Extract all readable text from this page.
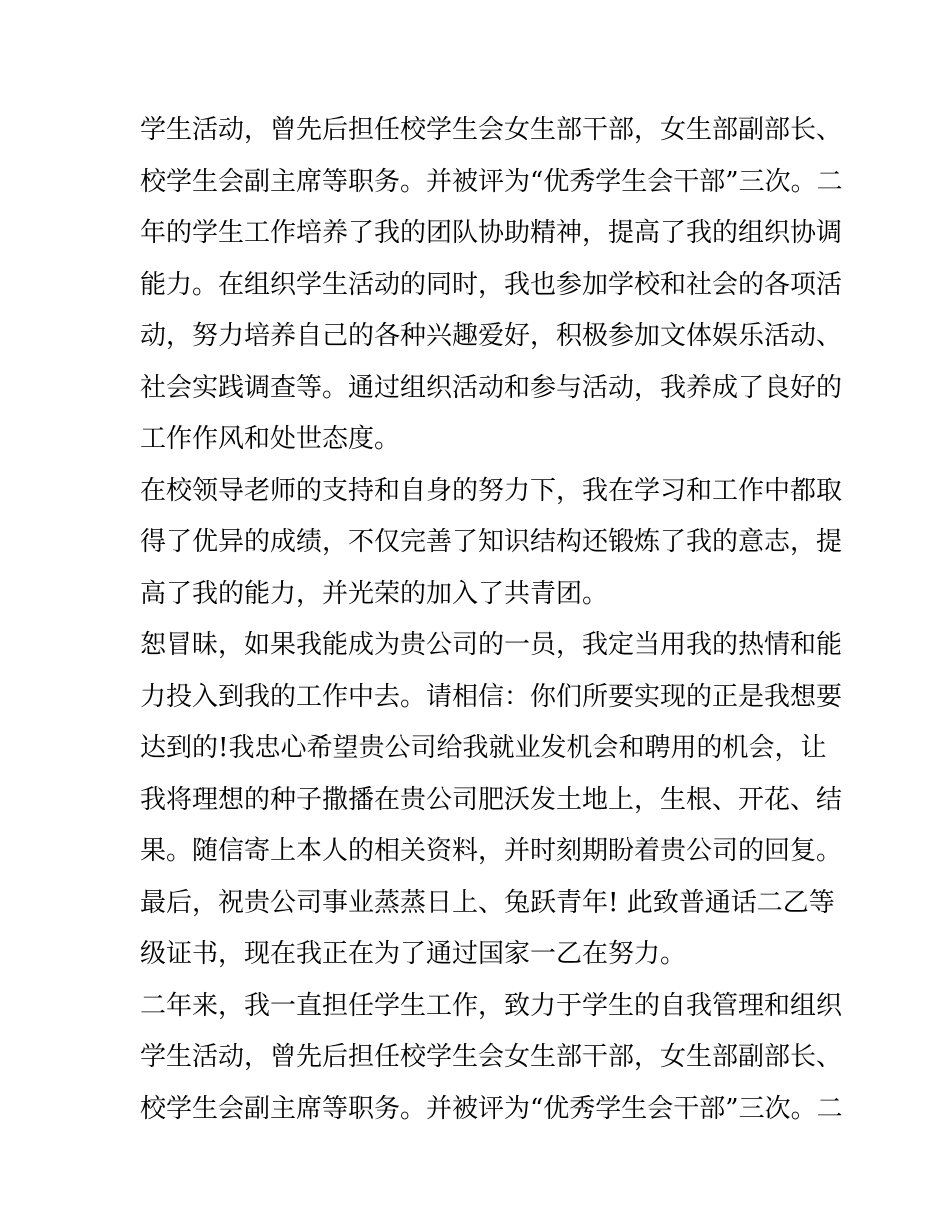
学生活动，曾先后担任校学生会女生部干部，女生部副部长、
校学生会副主席等职务。并被评为“优秀学生会干部”三次。二
年的学生工作培养了我的团队协助精神，提高了我的组织协调
能力。在组织学生活动的同时，我也参加学校和社会的各项活
动，努力培养自己的各种兴趣爱好，积极参加文体娱乐活动、
社会实践调查等。通过组织活动和参与活动，我养成了良好的
工作作风和处世态度。
在校领导老师的支持和自身的努力下，我在学习和工作中都取
得了优异的成绩，不仅完善了知识结构还锻炼了我的意志，提
高了我的能力，并光荣的加入了共青团。
恕冒昧，如果我能成为贵公司的一员，我定当用我的热情和能
力投入到我的工作中去。请相信：你们所要实现的正是我想要
达到的!我忠心希望贵公司给我就业发机会和聘用的机会，让
我将理想的种子撒播在贵公司肥沃发土地上，生根、开花、结
果。随信寄上本人的相关资料，并时刻期盼着贵公司的回复。
最后，祝贵公司事业蒸蒸日上、兔跃青年! 此致普通话二乙等
级证书，现在我正在为了通过国家一乙在努力。
二年来，我一直担任学生工作，致力于学生的自我管理和组织
学生活动，曾先后担任校学生会女生部干部，女生部副部长、
校学生会副主席等职务。并被评为“优秀学生会干部”三次。二
